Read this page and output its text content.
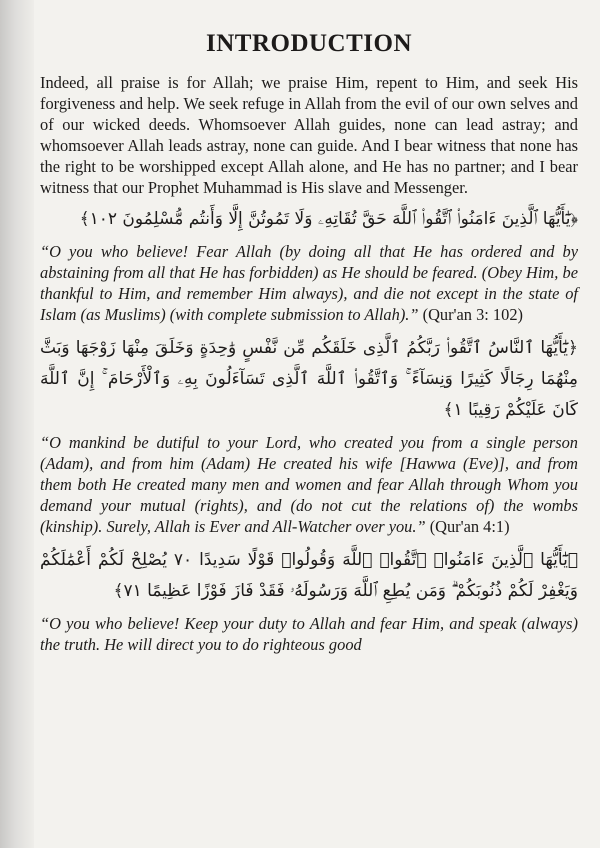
INTRODUCTION

Indeed, all praise is for Allah; we praise Him, repent to Him, and seek His forgiveness and help. We seek refuge in Allah from the evil of our own selves and of our wicked deeds. Whomsoever Allah guides, none can lead astray; and whomsoever Allah leads astray, none can guide. And I bear witness that none has the right to be worshipped except Allah alone, and He has no partner; and I bear witness that our Prophet Muhammad is His slave and Messenger.

﴿يَٰٓأَيُّهَا ٱلَّذِينَ ءَامَنُوا۟ ٱتَّقُوا۟ ٱللَّهَ حَقَّ تُقَاتِهِۦ وَلَا تَمُوتُنَّ إِلَّا وَأَنتُم مُّسْلِمُونَ ١٠٢﴾

“O you who believe! Fear Allah (by doing all that He has ordered and by abstaining from all that He has forbidden) as He should be feared. (Obey Him, be thankful to Him, and remember Him always), and die not except in the state of Islam (as Muslims) (with complete submission to Allah).” (Qur'an 3: 102)

﴿يَٰٓأَيُّهَا ٱلنَّاسُ ٱتَّقُوا۟ رَبَّكُمُ ٱلَّذِى خَلَقَكُم مِّن نَّفْسٍ وَٰحِدَةٍ وَخَلَقَ مِنْهَا زَوْجَهَا وَبَثَّ مِنْهُمَا رِجَالًا كَثِيرًا وَنِسَآءً ۚ وَٱتَّقُوا۟ ٱللَّهَ ٱلَّذِى تَسَآءَلُونَ بِهِۦ وَٱلْأَرْحَامَ ۚ إِنَّ ٱللَّهَ كَانَ عَلَيْكُمْ رَقِيبًا ١﴾

“O mankind be dutiful to your Lord, who created you from a single person (Adam), and from him (Adam) He created his wife [Hawwa (Eve)], and from them both He created many men and women and fear Allah through Whom you demand your mutual (rights), and (do not cut the relations of) the wombs (kinship). Surely, Allah is Ever and All-Watcher over you.” (Qur'an 4:1)

﴿يَٰٓأَيُّهَا ٱلَّذِينَ ءَامَنُوا۟ ٱتَّقُوا۟ ٱللَّهَ وَقُولُوا۟ قَوْلًا سَدِيدًا ٧٠ يُصْلِحْ لَكُمْ أَعْمَٰلَكُمْ وَيَغْفِرْ لَكُمْ ذُنُوبَكُمْ ۗ وَمَن يُطِعِ ٱللَّهَ وَرَسُولَهُۥ فَقَدْ فَازَ فَوْزًا عَظِيمًا ٧١﴾

“O you who believe! Keep your duty to Allah and fear Him, and speak (always) the truth. He will direct you to do righteous good
